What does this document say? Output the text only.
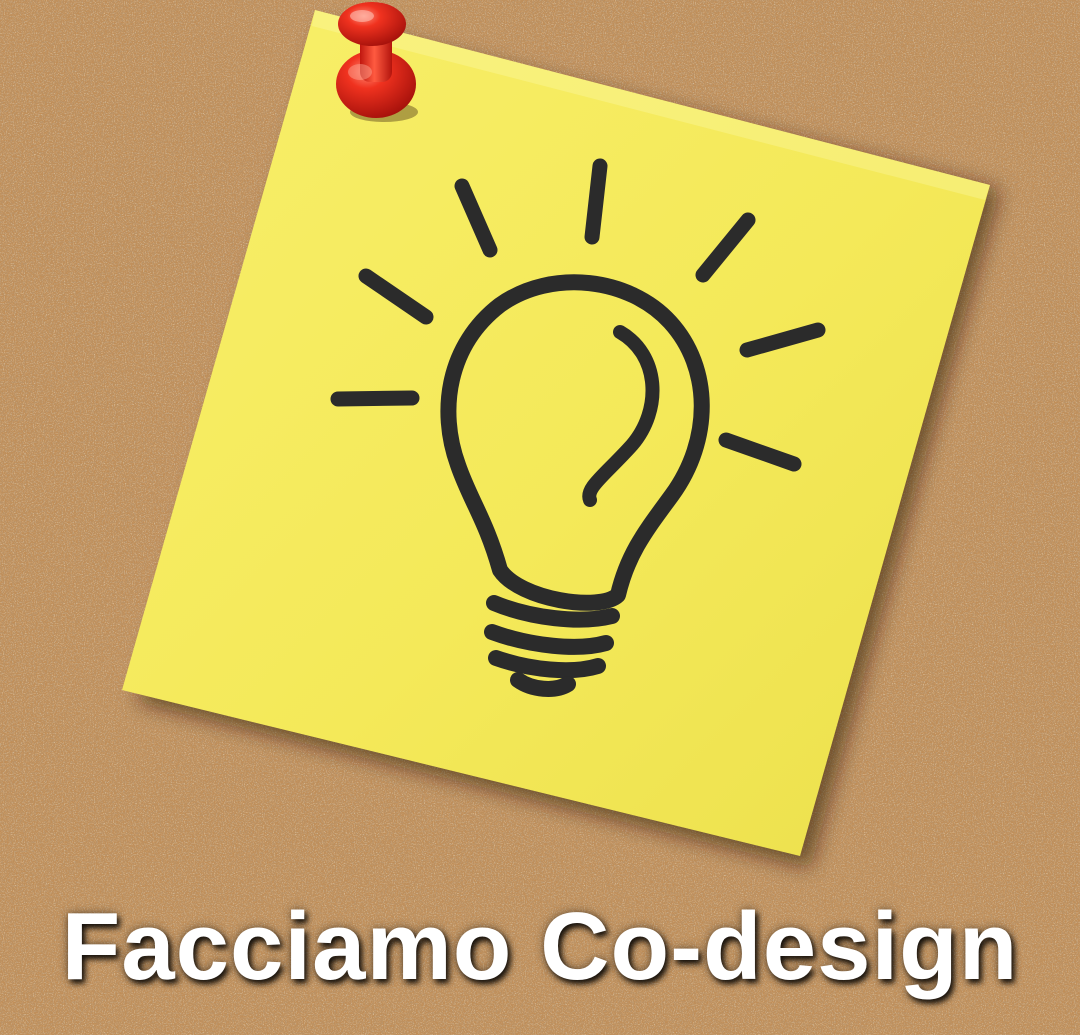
Facciamo Co-design
